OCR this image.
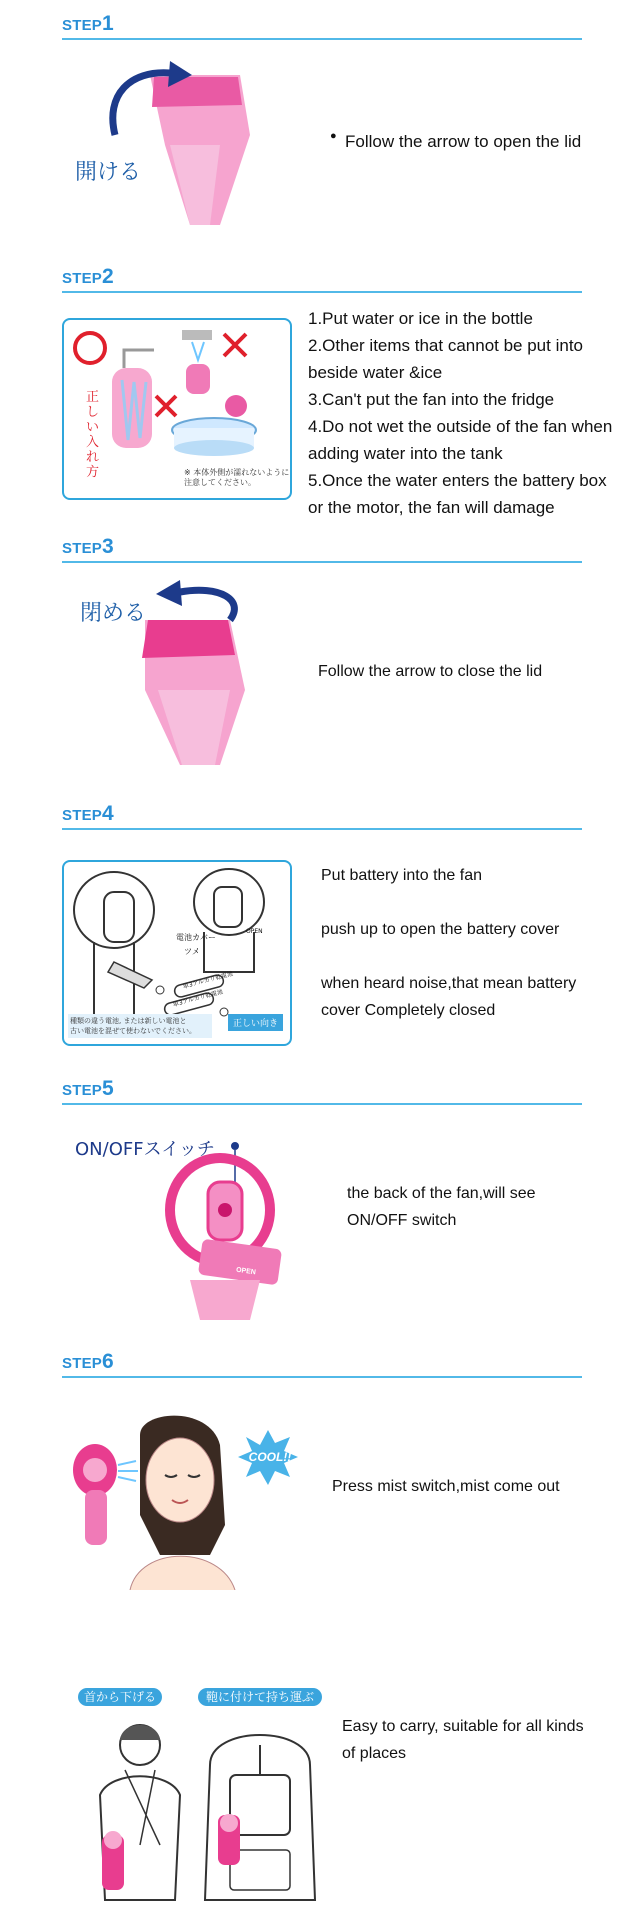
STEP1
開ける
● Follow the arrow to open the lid
STEP2
正しい入れ方	※ 本体外側が濡れないように
注意してください。
1.Put water or ice in the bottle
2.Other items that cannot be put into
beside water &ice
3.Can't put the fan into the fridge
4.Do not wet the outside of the fan when
adding water into the tank
5.Once the water enters the battery box
or the motor, the fan will damage
STEP3
閉める
Follow the arrow to close the lid
STEP4
電池カバー
ツメ
OPEN
単3アルカリ乾電池
単3アルカリ乾電池
種類の違う電池, または新しい電池と
古い電池を混ぜて使わないでください。
正しい向き
Put battery into the fan
push up to open the battery cover
when heard noise,that mean battery
cover Completely closed
STEP5
ON/OFFスイッチ
OPEN
the back of the fan,will see
ON/OFF switch
STEP6
COOL!!
Press mist switch,mist come out
首から下げる	鞄に付けて持ち運ぶ
Easy to carry, suitable for all kinds
of places
